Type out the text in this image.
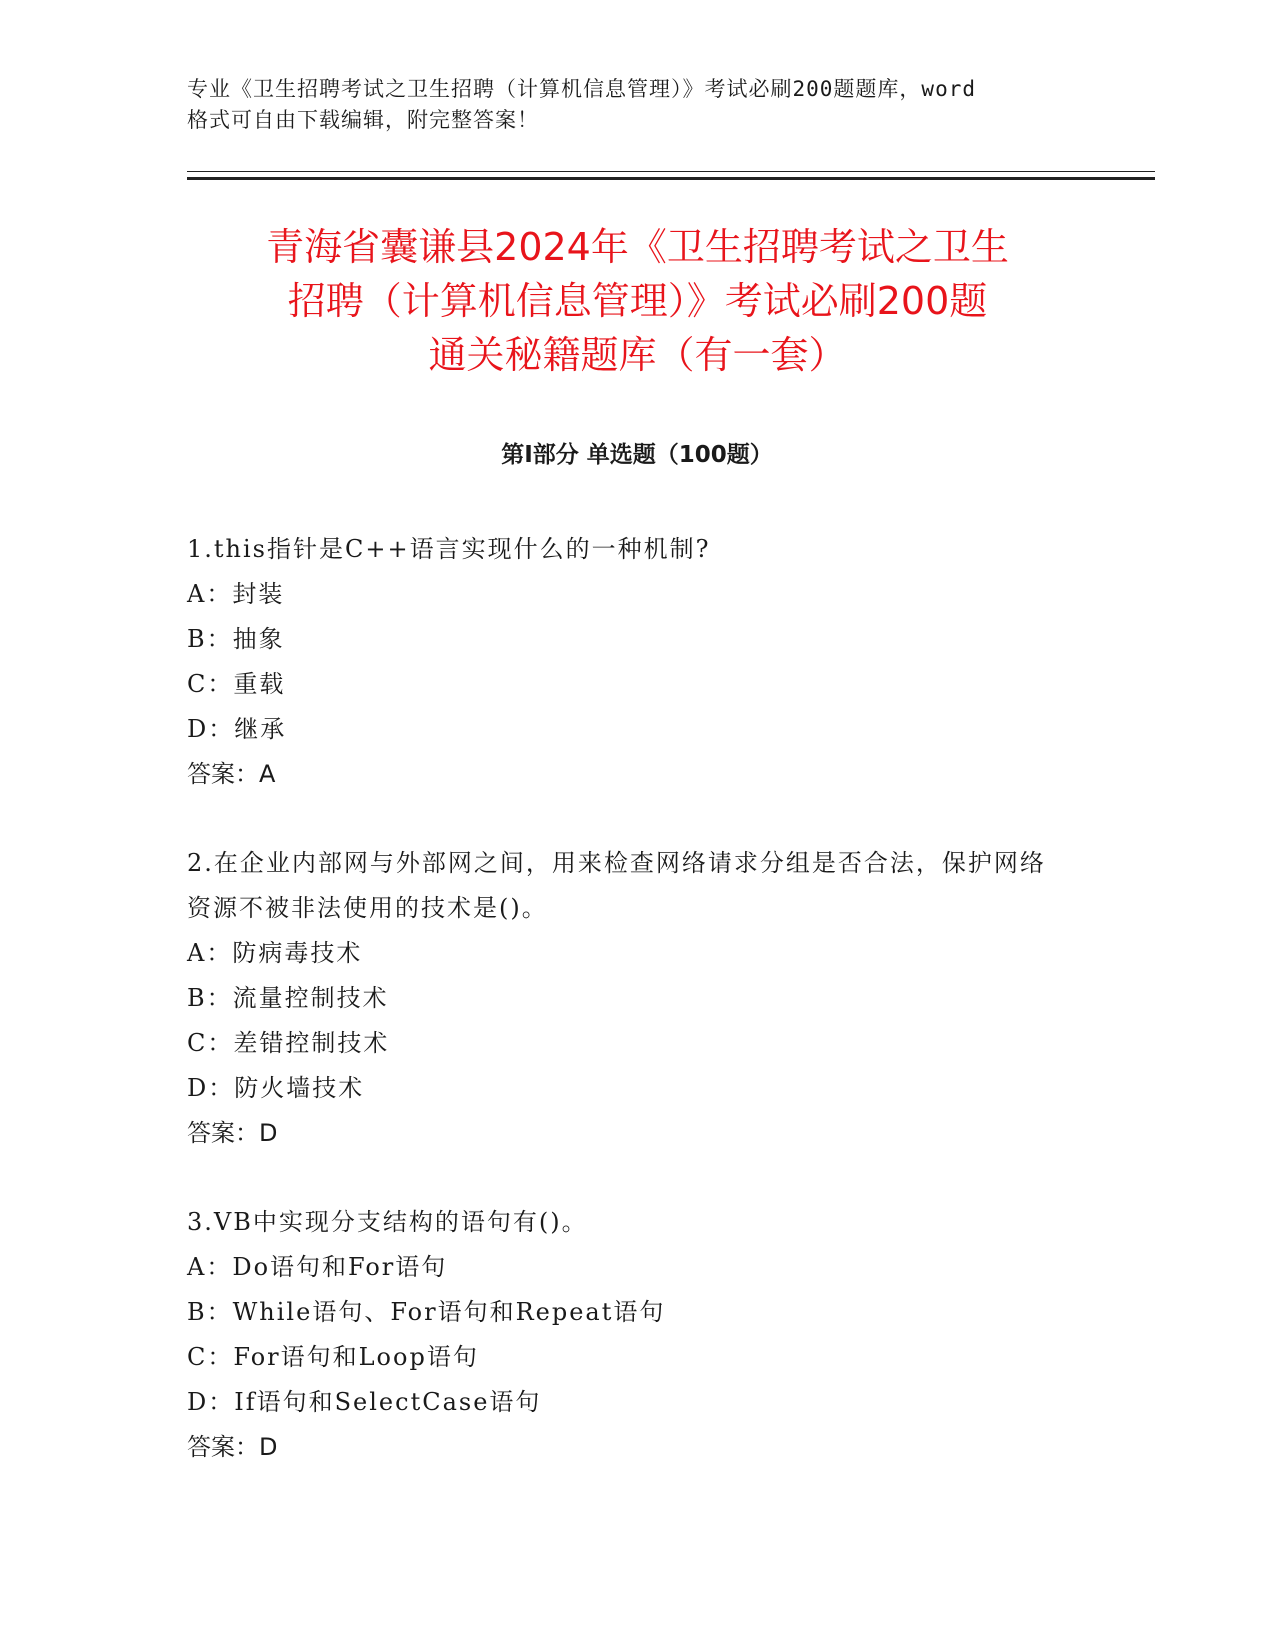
专业《卫生招聘考试之卫生招聘（计算机信息管理）》考试必刷200题题库，word
格式可自由下载编辑，附完整答案！
青海省囊谦县2024年《卫生招聘考试之卫生
招聘（计算机信息管理）》考试必刷200题
通关秘籍题库（有一套）
第Ⅰ部分 单选题（100题）

1.this指针是C++语言实现什么的一种机制?

A：封装

B：抽象

C：重载

D：继承

答案：A

2.在企业内部网与外部网之间，用来检查网络请求分组是否合法，保护网络资源不被非法使用的技术是()。

A：防病毒技术

B：流量控制技术

C：差错控制技术

D：防火墙技术

答案：D

3.VB中实现分支结构的语句有()。

A：Do语句和For语句

B：While语句、For语句和Repeat语句

C：For语句和Loop语句

D：If语句和SelectCase语句

答案：D
